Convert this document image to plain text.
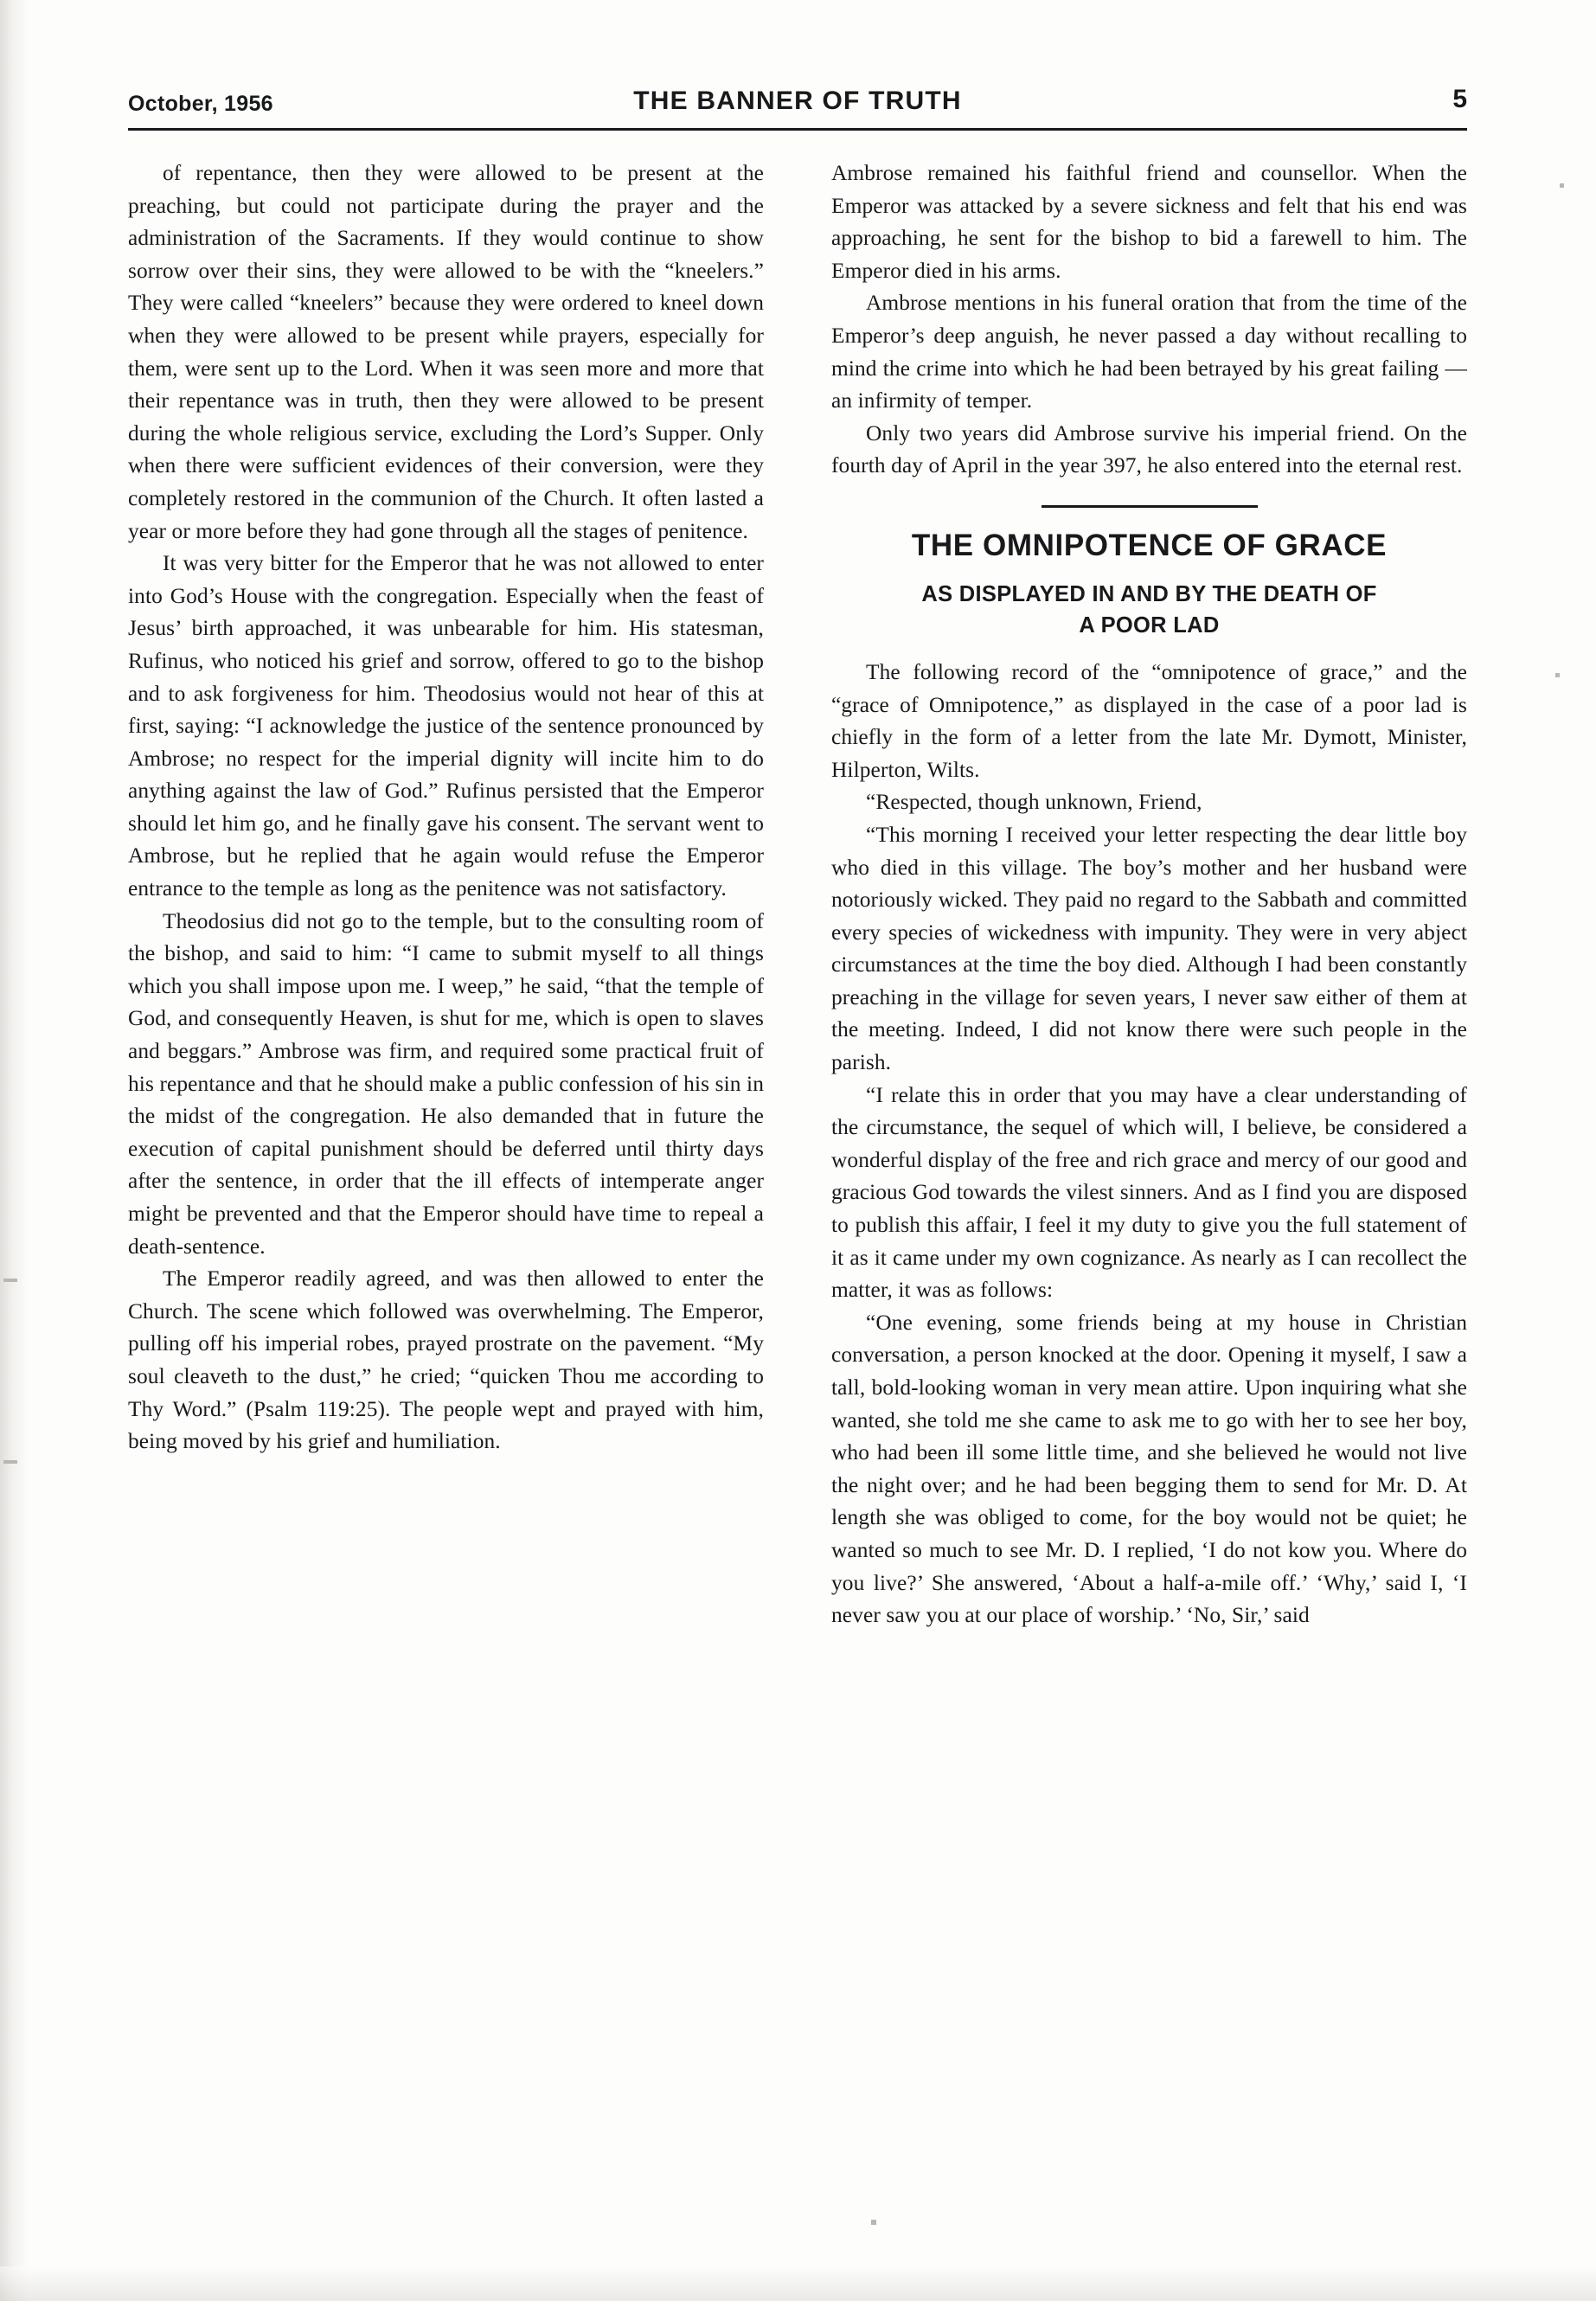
October, 1956	THE BANNER OF TRUTH	5

of repentance, then they were allowed to be present at the preaching, but could not participate during the prayer and the administration of the Sacraments. If they would continue to show sorrow over their sins, they were allowed to be with the “kneelers.” They were called “kneelers” because they were ordered to kneel down when they were allowed to be present while prayers, especially for them, were sent up to the Lord. When it was seen more and more that their repentance was in truth, then they were allowed to be present during the whole religious service, excluding the Lord’s Supper. Only when there were sufficient evidences of their conversion, were they completely restored in the communion of the Church. It often lasted a year or more before they had gone through all the stages of penitence.

It was very bitter for the Emperor that he was not allowed to enter into God’s House with the congregation. Especially when the feast of Jesus’ birth approached, it was unbearable for him. His statesman, Rufinus, who noticed his grief and sorrow, offered to go to the bishop and to ask forgiveness for him. Theodosius would not hear of this at first, saying: “I acknowledge the justice of the sentence pronounced by Ambrose; no respect for the imperial dignity will incite him to do anything against the law of God.” Rufinus persisted that the Emperor should let him go, and he finally gave his consent. The servant went to Ambrose, but he replied that he again would refuse the Emperor entrance to the temple as long as the penitence was not satisfactory.

Theodosius did not go to the temple, but to the consulting room of the bishop, and said to him: “I came to submit myself to all things which you shall impose upon me. I weep,” he said, “that the temple of God, and consequently Heaven, is shut for me, which is open to slaves and beggars.” Ambrose was firm, and required some practical fruit of his repentance and that he should make a public confession of his sin in the midst of the congregation. He also demanded that in future the execution of capital punishment should be deferred until thirty days after the sentence, in order that the ill effects of intemperate anger might be prevented and that the Emperor should have time to repeal a death-sentence.

The Emperor readily agreed, and was then allowed to enter the Church. The scene which followed was overwhelming. The Emperor, pulling off his imperial robes, prayed prostrate on the pavement. “My soul cleaveth to the dust,” he cried; “quicken Thou me according to Thy Word.” (Psalm 119:25). The people wept and prayed with him, being moved by his grief and humiliation.

Ambrose remained his faithful friend and counsellor. When the Emperor was attacked by a severe sickness and felt that his end was approaching, he sent for the bishop to bid a farewell to him. The Emperor died in his arms.

Ambrose mentions in his funeral oration that from the time of the Emperor’s deep anguish, he never passed a day without recalling to mind the crime into which he had been betrayed by his great failing — an infirmity of temper.

Only two years did Ambrose survive his imperial friend. On the fourth day of April in the year 397, he also entered into the eternal rest.

THE OMNIPOTENCE OF GRACE
AS DISPLAYED IN AND BY THE DEATH OF
A POOR LAD

The following record of the “omnipotence of grace,” and the “grace of Omnipotence,” as displayed in the case of a poor lad is chiefly in the form of a letter from the late Mr. Dymott, Minister, Hilperton, Wilts.

“Respected, though unknown, Friend,

“This morning I received your letter respecting the dear little boy who died in this village. The boy’s mother and her husband were notoriously wicked. They paid no regard to the Sabbath and committed every species of wickedness with impunity. They were in very abject circumstances at the time the boy died. Although I had been constantly preaching in the village for seven years, I never saw either of them at the meeting. Indeed, I did not know there were such people in the parish.

“I relate this in order that you may have a clear understanding of the circumstance, the sequel of which will, I believe, be considered a wonderful display of the free and rich grace and mercy of our good and gracious God towards the vilest sinners. And as I find you are disposed to publish this affair, I feel it my duty to give you the full statement of it as it came under my own cognizance. As nearly as I can recollect the matter, it was as follows:

“One evening, some friends being at my house in Christian conversation, a person knocked at the door. Opening it myself, I saw a tall, bold-looking woman in very mean attire. Upon inquiring what she wanted, she told me she came to ask me to go with her to see her boy, who had been ill some little time, and she believed he would not live the night over; and he had been begging them to send for Mr. D. At length she was obliged to come, for the boy would not be quiet; he wanted so much to see Mr. D. I replied, ‘I do not kow you. Where do you live?’ She answered, ‘About a half-a-mile off.’ ‘Why,’ said I, ‘I never saw you at our place of worship.’ ‘No, Sir,’ said
